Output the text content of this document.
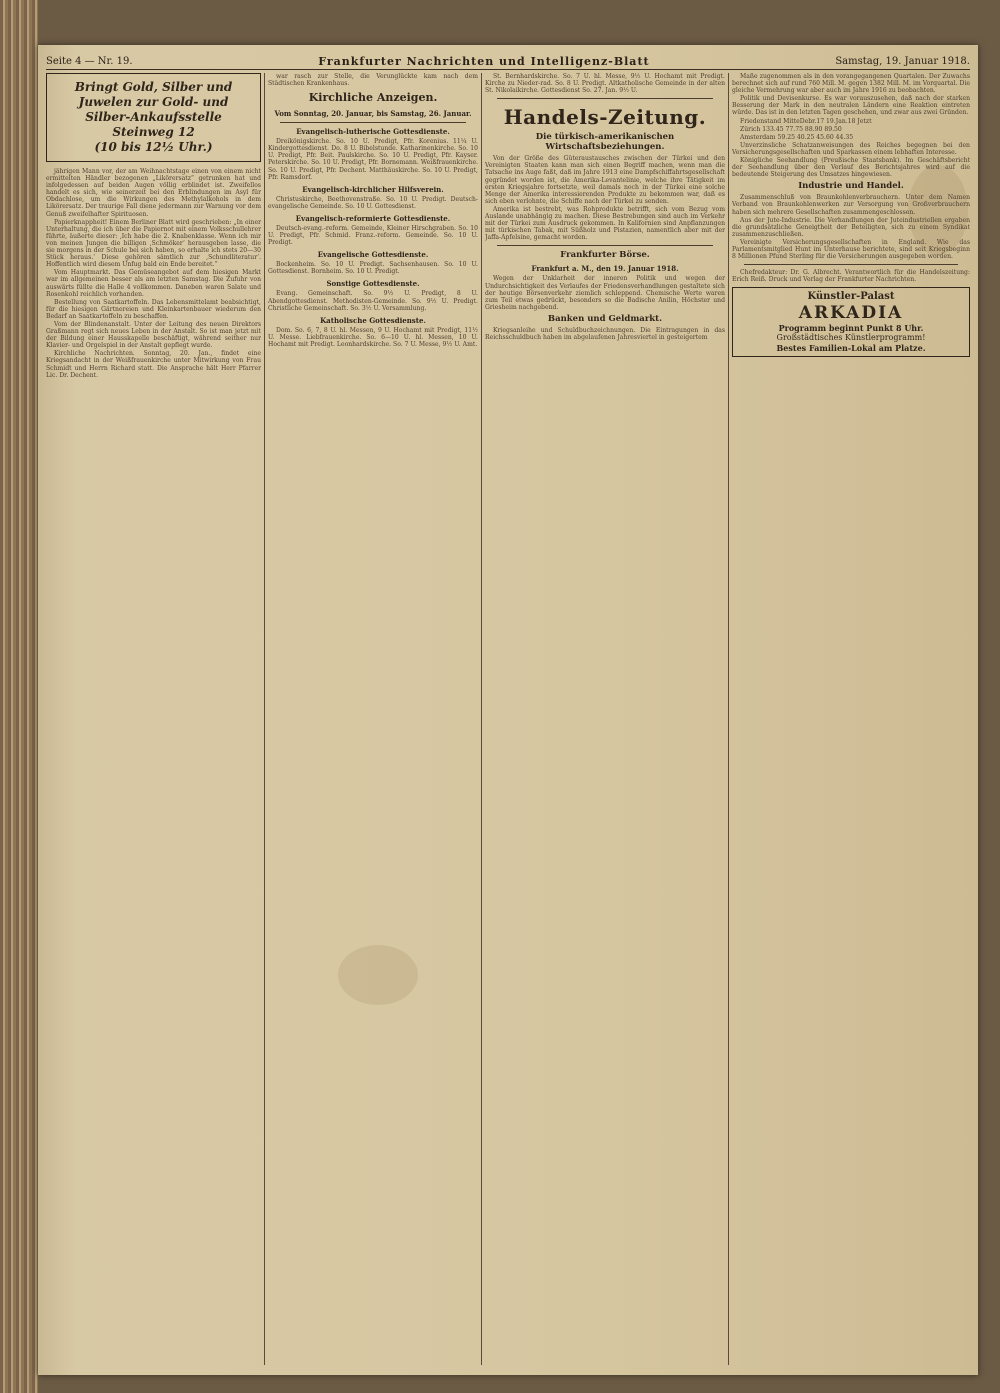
Seite 4 — Nr. 19.	Frankfurter Nachrichten und Intelligenz-Blatt	Samstag, 19. Januar 1918.
Bringt Gold, Silber und
Juwelen zur Gold- und
Silber-Ankaufsstelle Steinweg 12
(10 bis 12½ Uhr.)

jährigen Mann vor, der am Weihnachtstage einen von einem nicht ermittelten Händler bezogenen „Likörersatz“ getrunken hat und infolgedessen auf beiden Augen völlig erblindet ist. Zweifellos handelt es sich, wie seinerzeit bei den Erblindungen im Asyl für Obdachlose, um die Wirkungen des Methylalkohols in dem Likörersatz. Der traurige Fall diene jedermann zur Warnung vor dem Genuß zweifelhafter Spirituosen.

Papierknappheit! Einem Berliner Blatt wird geschrieben: „In einer Unterhaltung, die ich über die Papiernot mit einem Volksschullehrer führte, äußerte dieser: ,Ich habe die 2. Knabenklasse. Wenn ich mir von meinen Jungen die billigen ,Schmöker‘ herausgeben lasse, die sie morgens in der Schule bei sich haben, so erhalte ich stets 20—30 Stück heraus.‘ Diese gehören sämtlich zur ,Schundliteratur‘. Hoffentlich wird diesem Unfug bald ein Ende bereitet.“

Vom Hauptmarkt. Das Gemüseangebot auf dem hiesigen Markt war im allgemeinen besser als am letzten Samstag. Die Zufuhr von auswärts füllte die Halle 4 vollkommen. Daneben waren Salate und Rosenkohl reichlich vorhanden.

Bestellung von Saatkartoffeln. Das Lebensmittelamt beabsichtigt, für die hiesigen Gärtnereien und Kleinkartenbauer wiederum den Bedarf an Saatkartoffeln zu beschaffen.

Vom der Blindenanstalt. Unter der Leitung des neuen Direktors Graßmann regt sich neues Leben in der Anstalt. So ist man jetzt mit der Bildung einer Hausskapelle beschäftigt, während seither nur Klavier- und Orgelspiel in der Anstalt gepflegt wurde.

Kirchliche Nachrichten. Sonntag, 20. Jan., findet eine Kriegsandacht in der Weißfrauenkirche unter Mitwirkung von Frau Schmidt und Herrn Richard statt. Die Ansprache hält Herr Pfarrer Lic. Dr. Dechent.

war rasch zur Stelle, die Verunglückte kam nach dem Städtischen Krankenhaus.

Kirchliche Anzeigen.
Vom Sonntag, 20. Januar, bis Samstag, 26. Januar.
Evangelisch-lutherische Gottesdienste.

Dreikönigskirche. So. 10 U. Predigt, Pfr. Korenius. 11¼ U. Kindergottesdienst. Do. 8 U. Bibelstunde. Katharinenkirche. So. 10 U. Predigt, Pfr. Beit. Paulskirche. So. 10 U. Predigt, Pfr. Kayser. Peterskirche. So. 10 U. Predigt, Pfr. Bornemann. Weißfrauenkirche. So. 10 U. Predigt, Pfr. Dechent. Matthäuskirche. So. 10 U. Predigt, Pfr. Ramsdorf.

Evangelisch-kirchlicher Hilfsverein.

Christuskirche, Beethovenstraße. So. 10 U. Predigt. Deutsch-evangelische Gemeinde. So. 10 U. Gottesdienst.

Evangelisch-reformierte Gottesdienste.

Deutsch-evang.-reform. Gemeinde, Kleiner Hirschgraben. So. 10 U. Predigt, Pfr. Schmid. Franz.-reform. Gemeinde. So. 10 U. Predigt.

Evangelische Gottesdienste.

Bockenheim. So. 10 U. Predigt. Sachsenhausen. So. 10 U. Gottesdienst. Bornheim. So. 10 U. Predigt.

Sonstige Gottesdienste.

Evang. Gemeinschaft. So. 9½ U. Predigt, 8 U. Abendgottesdienst. Methodisten-Gemeinde. So. 9½ U. Predigt. Christliche Gemeinschaft. So. 3½ U. Versammlung.

Katholische Gottesdienste.

Dom. So. 6, 7, 8 U. hl. Messen, 9 U. Hochamt mit Predigt, 11½ U. Messe. Liebfrauenkirche. So. 6—10 U. hl. Messen, 10 U. Hochamt mit Predigt. Leonhardskirche. So. 7 U. Messe, 9½ U. Amt.

St. Bernhardskirche. So. 7 U. hl. Messe, 9½ U. Hochamt mit Predigt. Kirche zu Nieder-rad. So. 8 U. Predigt. Altkatholische Gemeinde in der alten St. Nikolaikirche. Gottesdienst So. 27. Jan. 9½ U.

Handels-Zeitung.
Die türkisch-amerikanischen Wirtschaftsbeziehungen.

Von der Größe des Güteraustausches zwischen der Türkei und den Vereinigten Staaten kann man sich einen Begriff machen, wenn man die Tatsache ins Auge faßt, daß im Jahre 1913 eine Dampfschiffahrtsgesellschaft gegründet worden ist, die Amerika-Levantelinie, welche ihre Tätigkeit im ersten Kriegsjahre fortsetzte, weil damals noch in der Türkei eine solche Menge der Amerika interessierenden Produkte zu bekommen war, daß es sich eben verlohnte, die Schiffe nach der Türkei zu senden.

Amerika ist bestrebt, was Rohprodukte betrifft, sich vom Bezug vom Auslande unabhängig zu machen. Diese Bestrebungen sind auch im Verkehr mit der Türkei zum Ausdruck gekommen. In Kalifornien sind Anpflanzungen mit türkischen Tabak, mit Süßholz und Pistazien, namentlich aber mit der Jaffa-Apfelsine, gemacht worden.

Frankfurter Börse.
Frankfurt a. M., den 19. Januar 1918.

Wegen der Unklarheit der inneren Politik und wegen der Undurchsichtigkeit des Verlaufes der Friedensverhandlungen gestaltete sich der heutige Börsenverkehr ziemlich schleppend. Chemische Werte waren zum Teil etwas gedrückt, besonders so die Badische Anilin, Höchster und Griesheim nachgebend.

Banken und Geldmarkt.

Kriegsanleihe und Schuldbuchzeichnungen. Die Eintragungen in das Reichsschuldbuch haben im abgelaufenen Jahresviertel in gesteigertem

Maße zugenommen als in den vorangegangenen Quartalen. Der Zuwachs berechnet sich auf rund 760 Mill. M. gegen 1382 Mill. M. im Vorquartal. Die gleiche Vermehrung war aber auch im Jahre 1916 zu beobachten.

Politik und Devisenkurse. Es war vorauszusehen, daß nach der starken Besserung der Mark in den neutralen Ländern eine Reaktion eintreten würde. Das ist in den letzten Tagen geschehen, und zwar aus zwei Gründen.

Friedenstand MitteDebr.17 19.Jan.18 Jetzt

Zürich 133.45 77.75 88.90 89.50

Amsterdam 59.25 40.25 45.60 44.35

Unverzinsliche Schatzanweisungen des Reiches begegnen bei den Versicherungsgesellschaften und Sparkassen einem lebhaften Interesse.

Königliche Seehandlung (Preußische Staatsbank). Im Geschäftsbericht der Seehandlung über den Verlauf des Berichtsjahres wird auf die bedeutende Steigerung des Umsatzes hingewiesen.

Industrie und Handel.

Zusammenschluß von Braunkohlenverbrauchern. Unter dem Namen Verband von Braunkohlenwerken zur Versorgung von Großverbrauchern haben sich mehrere Gesellschaften zusammengeschlossen.

Aus der Jute-Industrie. Die Verhandlungen der Juteindustriellen ergaben die grundsätzliche Geneigtheit der Beteiligten, sich zu einem Syndikat zusammenzuschließen.

Vereinigte Versicherungsgesellschaften in England. Wie das Parlamentsmitglied Hunt im Unterhause berichtete, sind seit Kriegsbeginn 8 Millionen Pfund Sterling für die Versicherungen ausgegeben worden.

Chefredakteur: Dr. G. Albrecht. Verantwortlich für die Handelszeitung: Erich Reiß. Druck und Verlag der Frankfurter Nachrichten.

Künstler-Palast
ARKADIA
Programm beginnt Punkt 8 Uhr.
Großstädtisches Künstlerprogramm!
Bestes Familien-Lokal am Platze.
